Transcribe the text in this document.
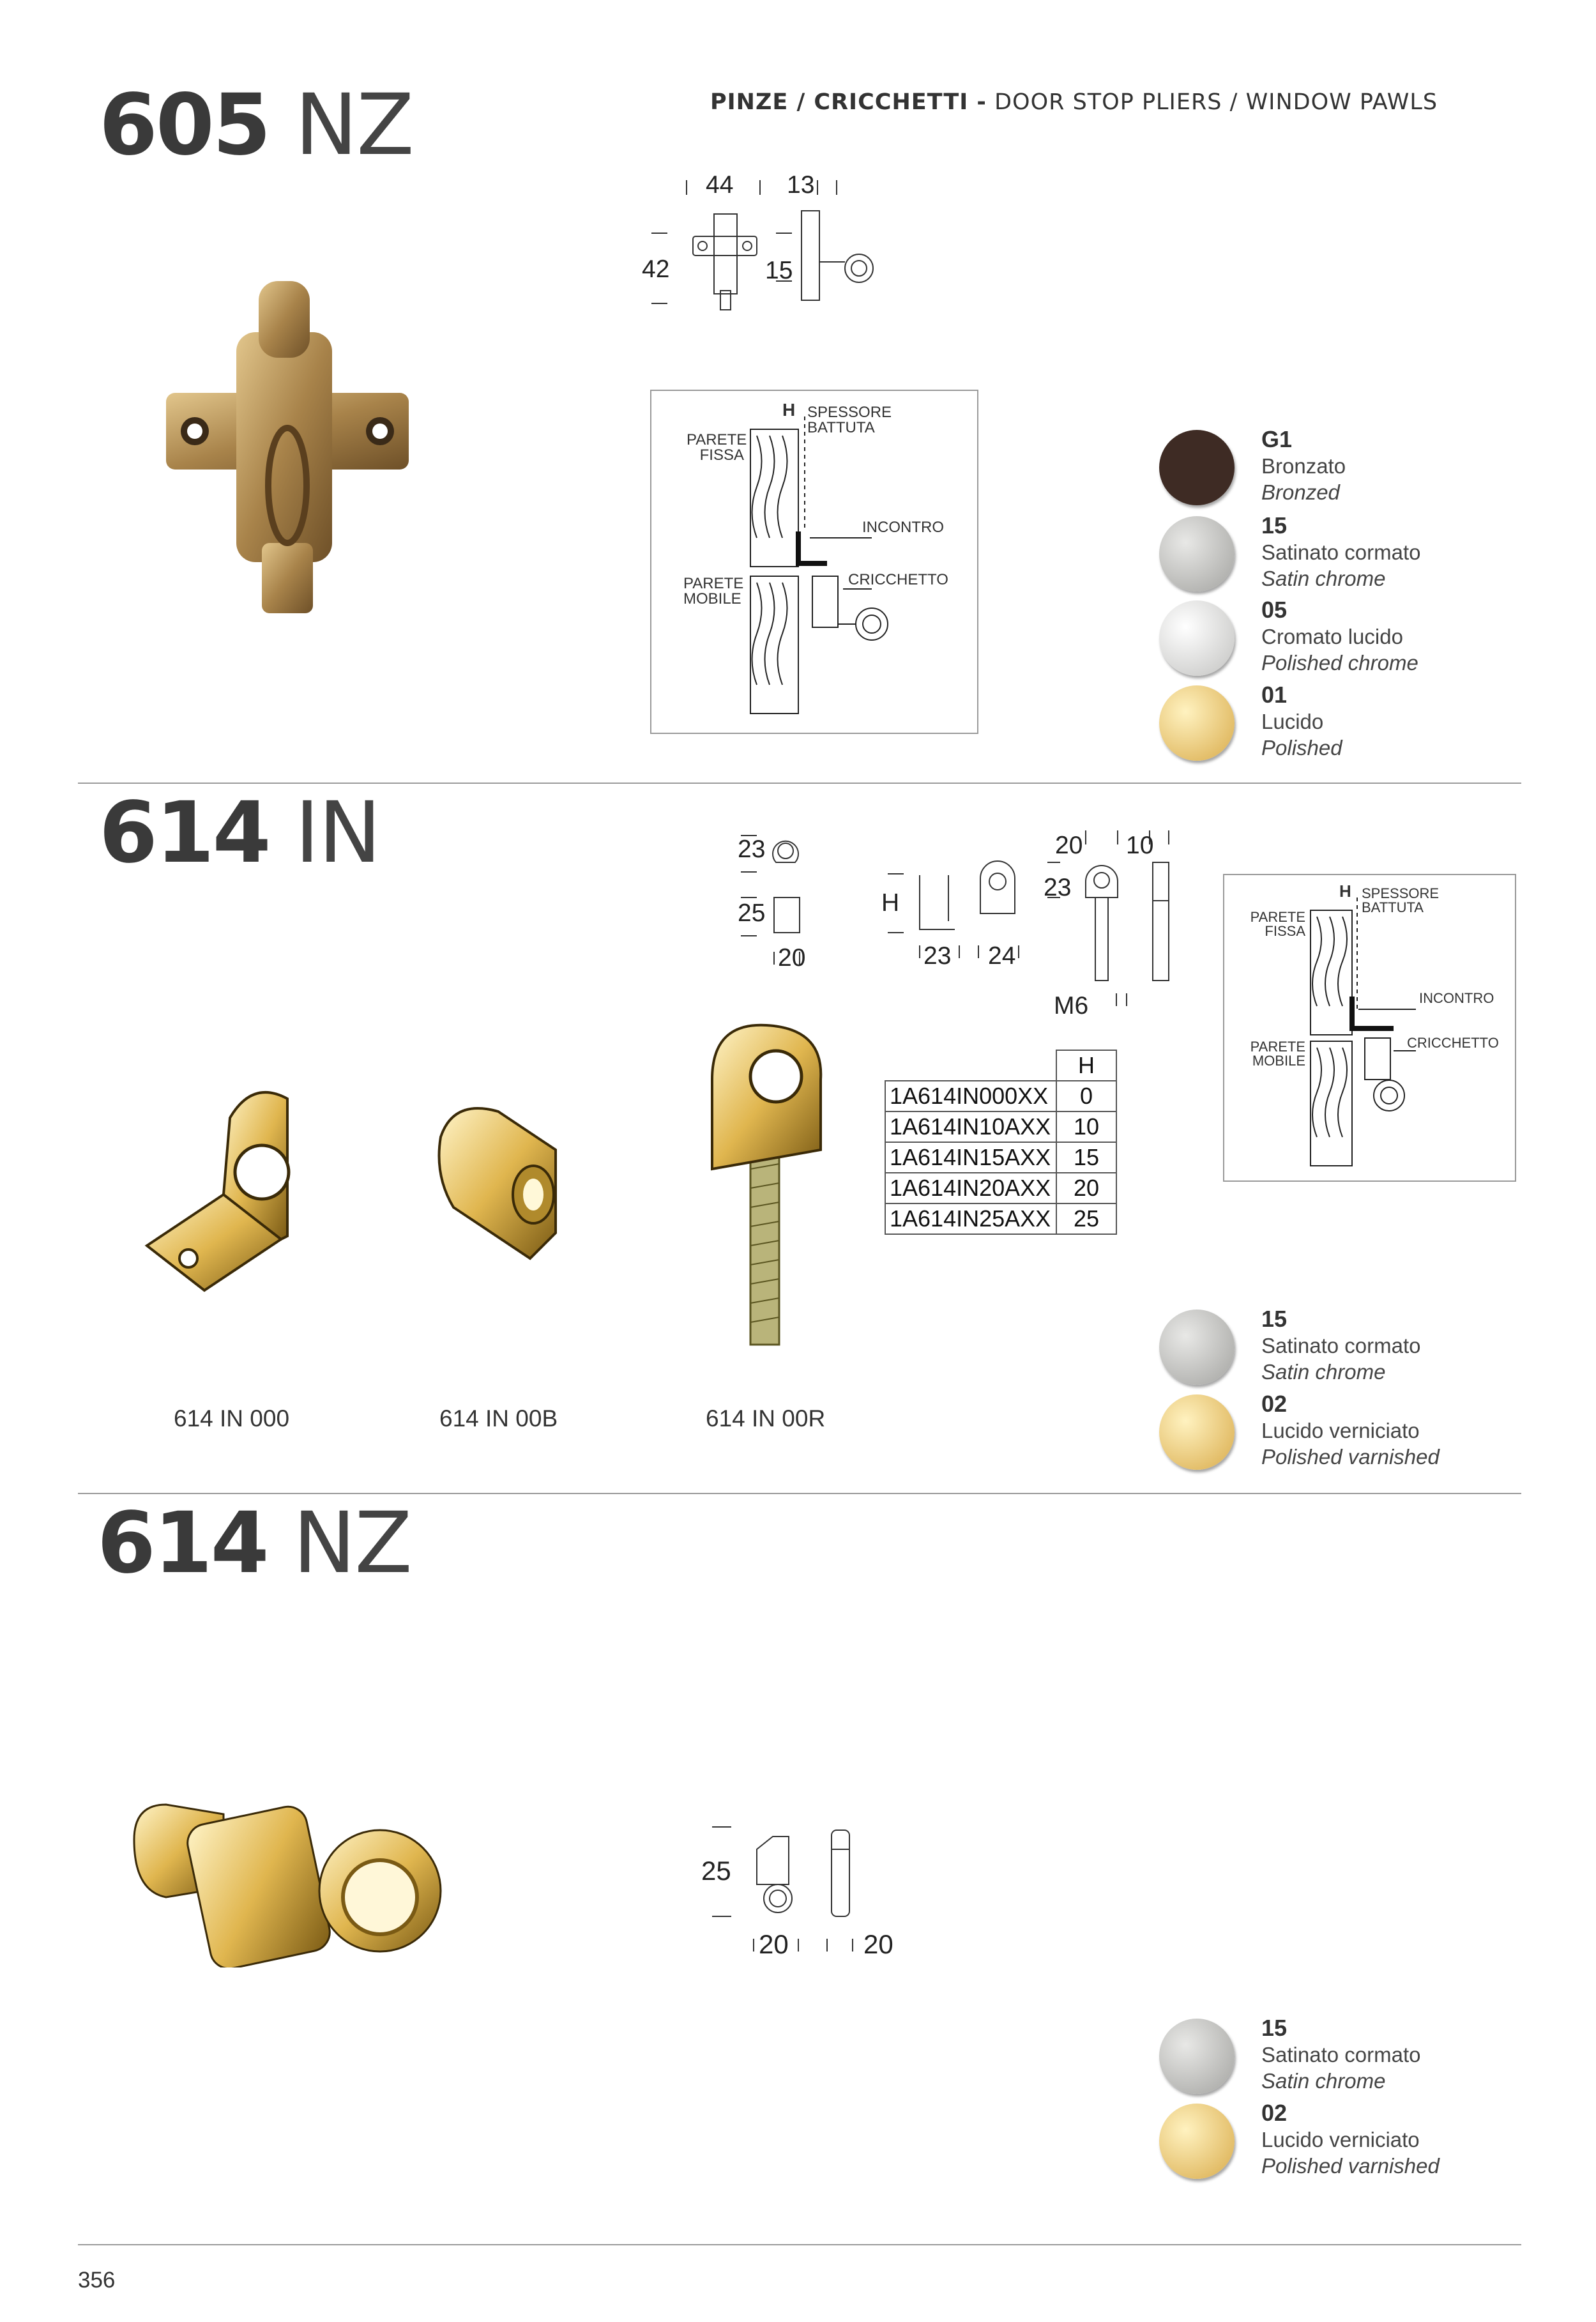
605 NZ	PINZE / CRICCHETTI - DOOR STOP PLIERS / WINDOW PAWLS
44 13
42	15
H SPESSORE
BATTUTA
PARETE
FISSA
INCONTRO
PARETE
MOBILE
CRICCHETTO
G1
Bronzato
Bronzed
15
Satinato cormato
Satin chrome
05
Cromato lucido
Polished chrome
01
Lucido
Polished
614 IN	23
25
20
H
23 24
20 10
23
M6
	H
1A614IN000XX	0
1A614IN10AXX	10
1A614IN15AXX	15
1A614IN20AXX	20
1A614IN25AXX	25
H SPESSORE
BATTUTA
PARETE
FISSA
INCONTRO
PARETE
MOBILE
CRICCHETTO
614 IN 000	614 IN 00B	614 IN 00R
15
Satinato cormato
Satin chrome
02
Lucido verniciato
Polished varnished
614 NZ
25
20	20
15
Satinato cormato
Satin chrome
02
Lucido verniciato
Polished varnished
356
